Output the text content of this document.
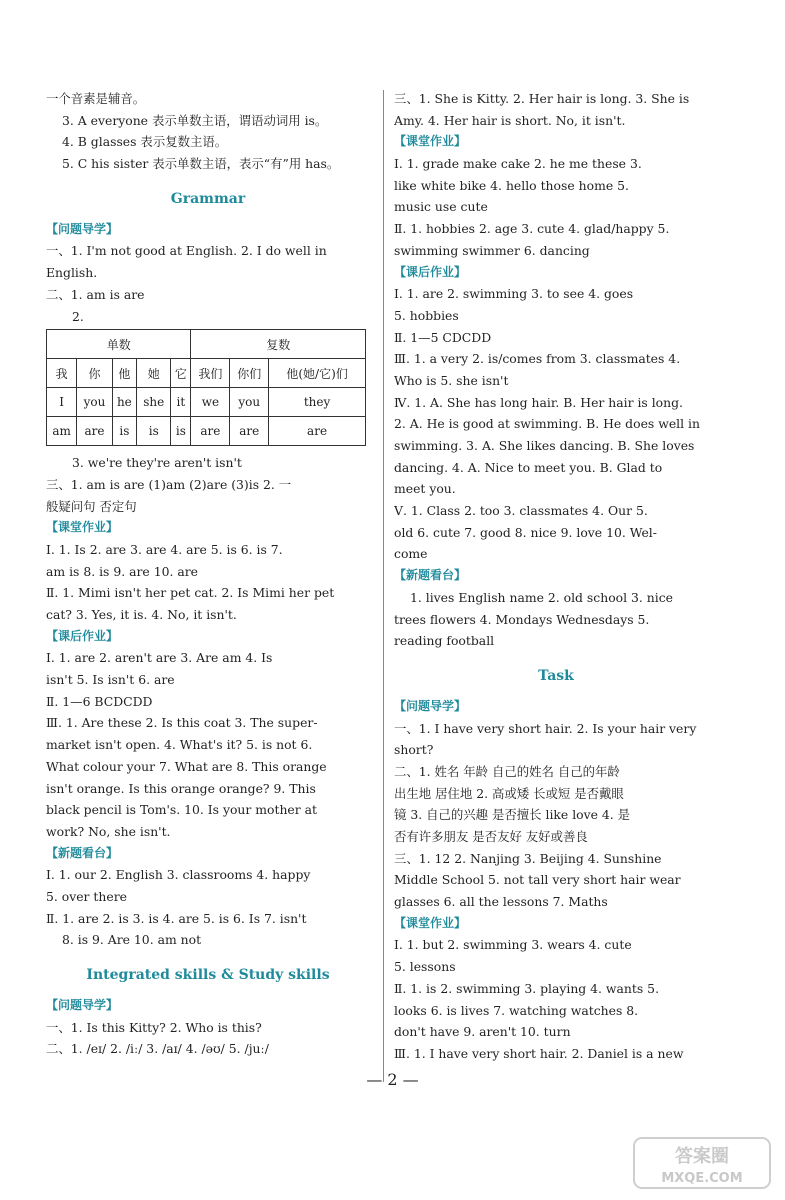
一个音素是辅音。
3. A everyone 表示单数主语，谓语动词用 is。
4. B glasses 表示复数主语。
5. C his sister 表示单数主语，表示“有”用 has。
Grammar
【问题导学】
一、1. I'm not good at English. 2. I do well in
English.
二、1. am is are
2.
单数					复数		
我	你	他	她	它	我们	你们	他(她/它)们
I	you	he	she	it	we	you	they
am	are	is	is	is	are	are	are
3. we're they're aren't isn't
三、1. am is are (1)am (2)are (3)is 2. 一
般疑问句 否定句
【课堂作业】
Ⅰ. 1. Is 2. are 3. are 4. are 5. is 6. is 7.
am is 8. is 9. are 10. are
Ⅱ. 1. Mimi isn't her pet cat. 2. Is Mimi her pet
cat? 3. Yes, it is. 4. No, it isn't.
【课后作业】
Ⅰ. 1. are 2. aren't are 3. Are am 4. Is
isn't 5. Is isn't 6. are
Ⅱ. 1—6 BCDCDD
Ⅲ. 1. Are these 2. Is this coat 3. The super-
market isn't open. 4. What's it? 5. is not 6.
What colour your 7. What are 8. This orange
isn't orange. Is this orange orange? 9. This
black pencil is Tom's. 10. Is your mother at
work? No, she isn't.
【新题看台】
Ⅰ. 1. our 2. English 3. classrooms 4. happy
5. over there
Ⅱ. 1. are 2. is 3. is 4. are 5. is 6. Is 7. isn't
8. is 9. Are 10. am not
Integrated skills & Study skills
【问题导学】
一、1. Is this Kitty? 2. Who is this?
二、1. /eɪ/ 2. /iː/ 3. /aɪ/ 4. /əʊ/ 5. /juː/
三、1. She is Kitty. 2. Her hair is long. 3. She is
Amy. 4. Her hair is short. No, it isn't.
【课堂作业】
Ⅰ. 1. grade make cake 2. he me these 3.
like white bike 4. hello those home 5.
music use cute
Ⅱ. 1. hobbies 2. age 3. cute 4. glad/happy 5.
swimming swimmer 6. dancing
【课后作业】
Ⅰ. 1. are 2. swimming 3. to see 4. goes
5. hobbies
Ⅱ. 1—5 CDCDD
Ⅲ. 1. a very 2. is/comes from 3. classmates 4.
Who is 5. she isn't
Ⅳ. 1. A. She has long hair. B. Her hair is long.
2. A. He is good at swimming. B. He does well in
swimming. 3. A. She likes dancing. B. She loves
dancing. 4. A. Nice to meet you. B. Glad to
meet you.
Ⅴ. 1. Class 2. too 3. classmates 4. Our 5.
old 6. cute 7. good 8. nice 9. love 10. Wel-
come
【新题看台】
1. lives English name 2. old school 3. nice
trees flowers 4. Mondays Wednesdays 5.
reading football
Task
【问题导学】
一、1. I have very short hair. 2. Is your hair very
short?
二、1. 姓名 年龄 自己的姓名 自己的年龄
出生地 居住地 2. 高或矮 长或短 是否戴眼
镜 3. 自己的兴趣 是否擅长 like love 4. 是
否有许多朋友 是否友好 友好或善良
三、1. 12 2. Nanjing 3. Beijing 4. Sunshine
Middle School 5. not tall very short hair wear
glasses 6. all the lessons 7. Maths
【课堂作业】
Ⅰ. 1. but 2. swimming 3. wears 4. cute
5. lessons
Ⅱ. 1. is 2. swimming 3. playing 4. wants 5.
looks 6. is lives 7. watching watches 8.
don't have 9. aren't 10. turn
Ⅲ. 1. I have very short hair. 2. Daniel is a new
— 2 —
答案圈
MXQE.COM
